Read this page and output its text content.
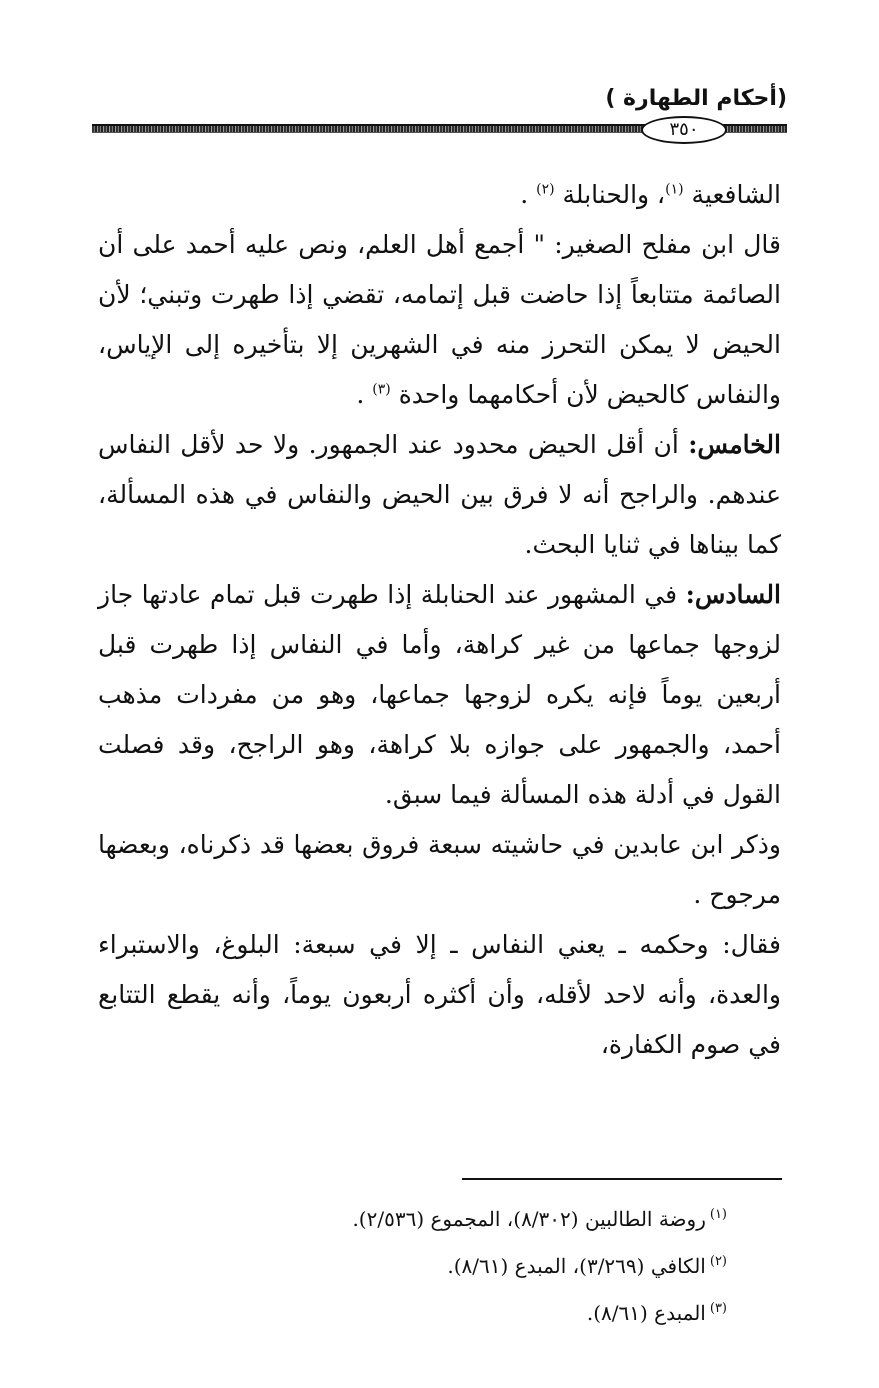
(أحكام الطهارة )
٣٥٠

الشافعية $^{(١)}$، والحنابلة $^{(٢)}$ .

قال ابن مفلح الصغير: " أجمع أهل العلم، ونص عليه أحمد على أن الصائمة متتابعاً إذا حاضت قبل إتمامه، تقضي إذا طهرت وتبني؛ لأن الحيض لا يمكن التحرز منه في الشهرين إلا بتأخيره إلى الإياس، والنفاس كالحيض لأن أحكامهما واحدة $^{(٣)}$ .

الخامس: أن أقل الحيض محدود عند الجمهور. ولا حد لأقل النفاس عندهم. والراجح أنه لا فرق بين الحيض والنفاس في هذه المسألة، كما بيناها في ثنايا البحث.

السادس: في المشهور عند الحنابلة إذا طهرت قبل تمام عادتها جاز لزوجها جماعها من غير كراهة، وأما في النفاس إذا طهرت قبل أربعين يوماً فإنه يكره لزوجها جماعها، وهو من مفردات مذهب أحمد، والجمهور على جوازه بلا كراهة، وهو الراجح، وقد فصلت القول في أدلة هذه المسألة فيما سبق.

وذكر ابن عابدين في حاشيته سبعة فروق بعضها قد ذكرناه، وبعضها مرجوح .

فقال: وحكمه ـ يعني النفاس ـ إلا في سبعة: البلوغ، والاستبراء والعدة، وأنه لاحد لأقله، وأن أكثره أربعون يوماً، وأنه يقطع التتابع في صوم الكفارة،

$^{(١)}$روضة الطالبين (٨/٣٠٢)، المجموع (٢/٥٣٦).

$^{(٢)}$الكافي (٣/٢٦٩)، المبدع (٨/٦١).

$^{(٣)}$المبدع (٨/٦١).
